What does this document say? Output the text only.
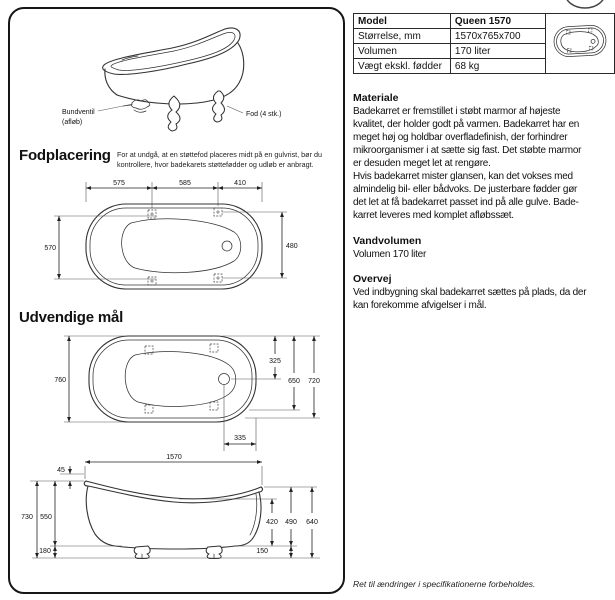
Bundventil
(afløb)
Fod (4 stk.)
Fodplacering For at undgå, at en støttefod placeres midt på en gulvrist, bør du
kontrollere, hvor badekarets støttefødder og udløb er anbragt.
575	585	410
570	480
Udvendige mål
760
325
650 720
335
1570
45
730 550
180
420 490
150
640
Model	Queen 1570	
Størrelse, mm	1570x765x700	
Volumen	170 liter	
Vægt ekskl. fødder	68 kg	
Materiale
Badekarret er fremstillet i støbt marmor af højeste
kvalitet, der holder godt på varmen. Badekarret har en
meget høj og holdbar overfladefinish, der forhindrer
mikroorganismer i at sætte sig fast. Det støbte marmor
er desuden meget let at rengøre.
Hvis badekarret mister glansen, kan det vokses med
almindelig bil- eller bådvoks. De justerbare fødder gør
det let at få badekarret passet ind på alle gulve. Bade-
karret leveres med komplet afløbssæt.
Vandvolumen
Volumen 170 liter
Overvej
Ved indbygning skal badekarret sættes på plads, da der
kan forekomme afvigelser i mål.
Ret til ændringer i specifikationerne forbeholdes.
